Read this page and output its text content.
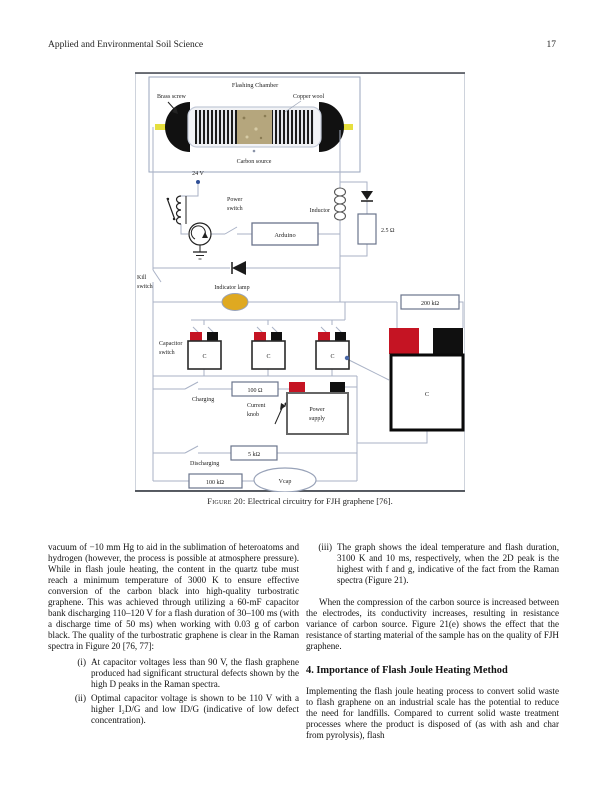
Applied and Environmental Soil Science	17
Flashing Chamber
Brass screw	Copper wool
Carbon source
24 V
Power
switch
Arduino
Inductor
2.5 Ω
Kill
switch	Indicator lamp
200 kΩ
Capacitor
switch
C	C	C
C
Charging
100 Ω
Current
knob
Power
supply
Discharging
5 kΩ
100 kΩ	Vcap
Figure 20: Electrical circuitry for FJH graphene [76].

vacuum of −10 mm Hg to aid in the sublimation of heteroatoms and hydrogen (however, the process is possible at atmosphere pressure). While in flash joule heating, the content in the quartz tube must reach a minimum temperature of 3000 K to ensure effective conversion of the carbon black into high-quality turbostratic graphene. This was achieved through utilizing a 60-mF capacitor bank discharging 110–120 V for a flash duration of 30–100 ms (with a discharge time of 50 ms) when working with 0.03 g of carbon black. The quality of the turbostratic graphene is clear in the Raman spectra in Figure 20 [76, 77]:

(i) At capacitor voltages less than 90 V, the flash graphene produced had significant structural defects shown by the high D peaks in the Raman spectra.
(ii) Optimal capacitor voltage is shown to be 110 V with a higher I₂D/G and low ID/G (indicative of low defect concentration).
(iii) The graph shows the ideal temperature and flash duration, 3100 K and 10 ms, respectively, when the 2D peak is the highest with f and g, indicative of the fact from the Raman spectra (Figure 21).

When the compression of the carbon source is increased between the electrodes, its conductivity increases, resulting in resistance variance of carbon source. Figure 21(e) shows the effect that the resistance of starting material of the sample has on the quality of FJH graphene.

4. Importance of Flash Joule Heating Method

Implementing the flash joule heating process to convert solid waste to flash graphene on an industrial scale has the potential to reduce the need for landfills. Compared to current solid waste treatment processes where the product is disposed of (as with ash and char from pyrolysis), flash
